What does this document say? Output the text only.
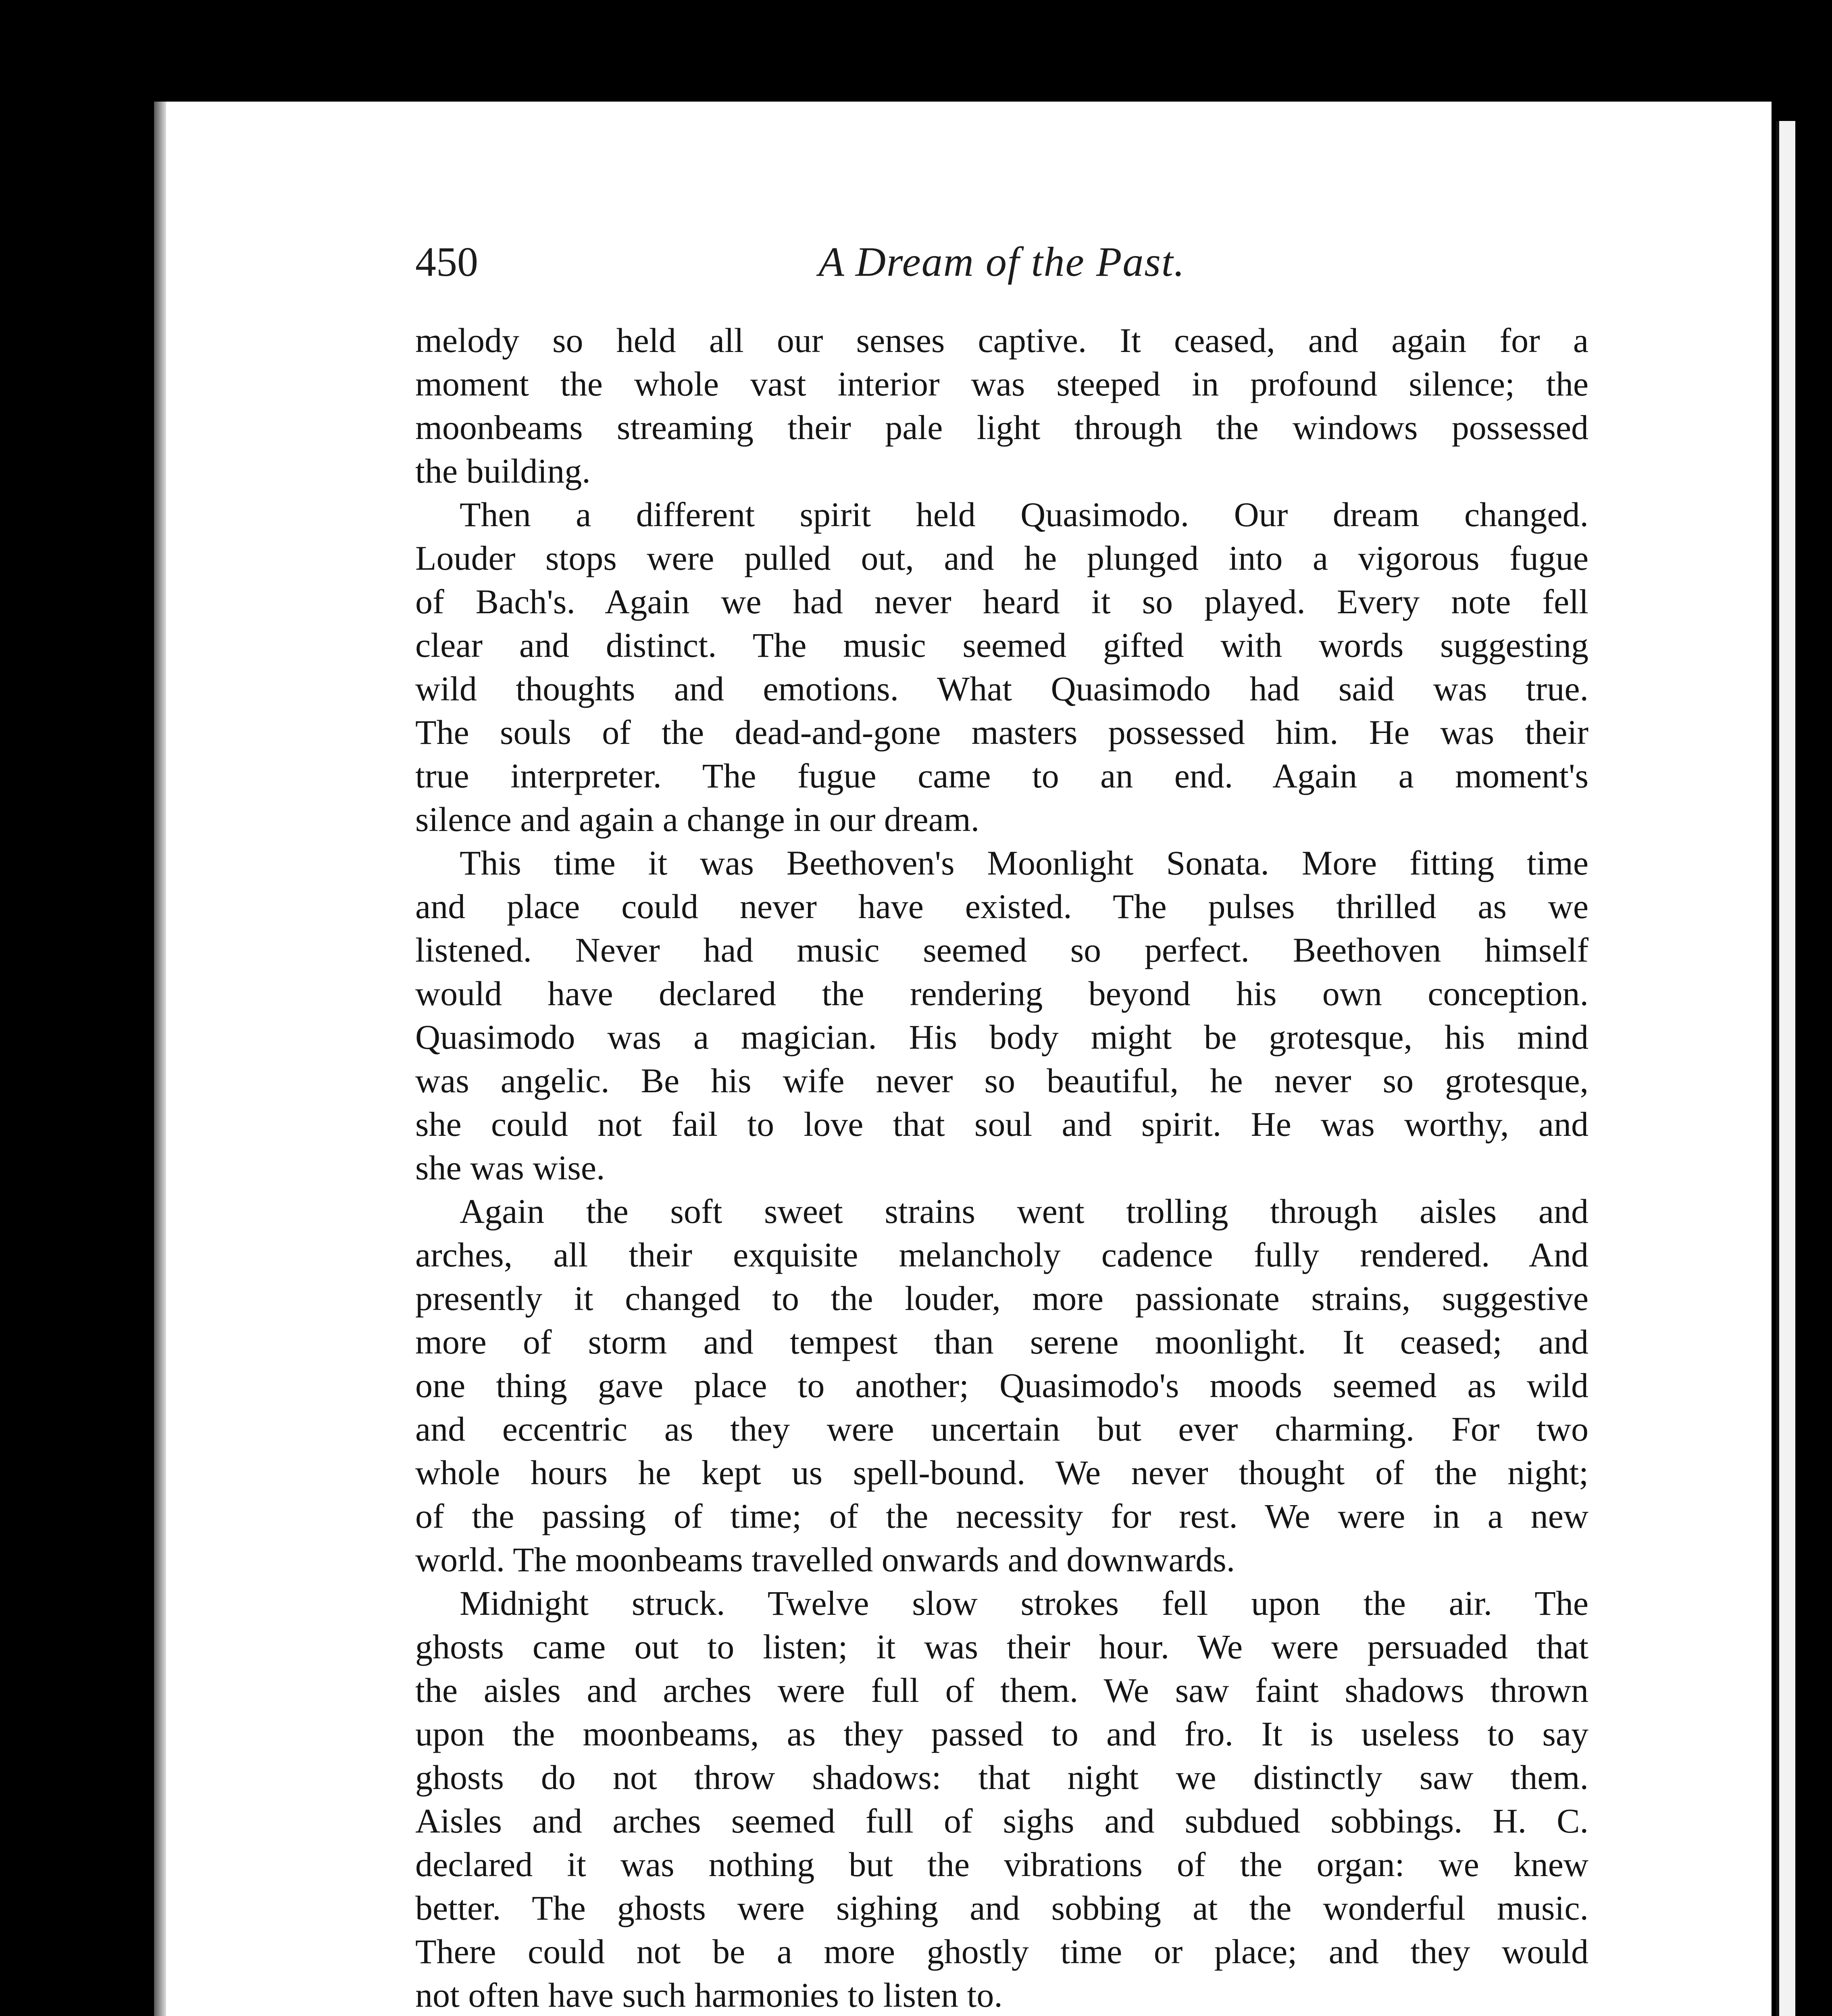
450	A Dream of the Past.
melody so held all our senses captive. It ceased, and again for a
moment the whole vast interior was steeped in profound silence; the
moonbeams streaming their pale light through the windows possessed
the building.
Then a different spirit held Quasimodo. Our dream changed.
Louder stops were pulled out, and he plunged into a vigorous fugue
of Bach's. Again we had never heard it so played. Every note fell
clear and distinct. The music seemed gifted with words suggesting
wild thoughts and emotions. What Quasimodo had said was true.
The souls of the dead-and-gone masters possessed him. He was their
true interpreter. The fugue came to an end. Again a moment's
silence and again a change in our dream.
This time it was Beethoven's Moonlight Sonata. More fitting time
and place could never have existed. The pulses thrilled as we
listened. Never had music seemed so perfect. Beethoven himself
would have declared the rendering beyond his own conception.
Quasimodo was a magician. His body might be grotesque, his mind
was angelic. Be his wife never so beautiful, he never so grotesque,
she could not fail to love that soul and spirit. He was worthy, and
she was wise.
Again the soft sweet strains went trolling through aisles and
arches, all their exquisite melancholy cadence fully rendered. And
presently it changed to the louder, more passionate strains, suggestive
more of storm and tempest than serene moonlight. It ceased; and
one thing gave place to another; Quasimodo's moods seemed as wild
and eccentric as they were uncertain but ever charming. For two
whole hours he kept us spell-bound. We never thought of the night;
of the passing of time; of the necessity for rest. We were in a new
world. The moonbeams travelled onwards and downwards.
Midnight struck. Twelve slow strokes fell upon the air. The
ghosts came out to listen; it was their hour. We were persuaded that
the aisles and arches were full of them. We saw faint shadows thrown
upon the moonbeams, as they passed to and fro. It is useless to say
ghosts do not throw shadows: that night we distinctly saw them.
Aisles and arches seemed full of sighs and subdued sobbings. H. C.
declared it was nothing but the vibrations of the organ: we knew
better. The ghosts were sighing and sobbing at the wonderful music.
There could not be a more ghostly time or place; and they would
not often have such harmonies to listen to.
